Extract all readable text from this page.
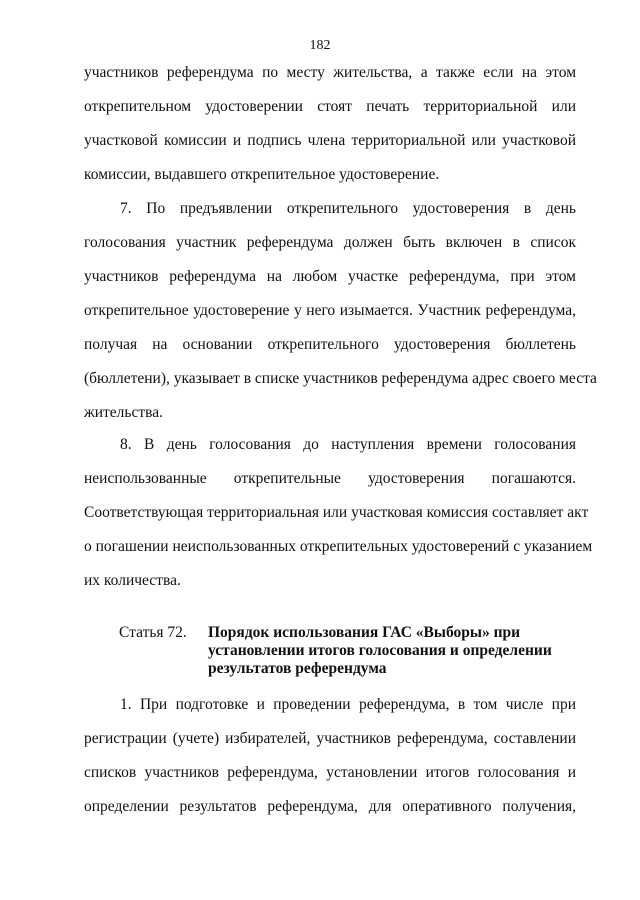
182
участников референдума по месту жительства, а также если на этом
открепительном удостоверении стоят печать территориальной или
участковой комиссии и подпись члена территориальной или участковой
комиссии, выдавшего открепительное удостоверение.
7. По предъявлении открепительного удостоверения в день
голосования участник референдума должен быть включен в список
участников референдума на любом участке референдума, при этом
открепительное удостоверение у него изымается. Участник референдума,
получая на основании открепительного удостоверения бюллетень
(бюллетени), указывает в списке участников референдума адрес своего места
жительства.
8. В день голосования до наступления времени голосования
неиспользованные открепительные удостоверения погашаются.
Соответствующая территориальная или участковая комиссия составляет акт
о погашении неиспользованных открепительных удостоверений с указанием
их количества.
Статья 72. Порядок использования ГАС «Выборы» при
установлении итогов голосования и определении
результатов референдума
1. При подготовке и проведении референдума, в том числе при
регистрации (учете) избирателей, участников референдума, составлении
списков участников референдума, установлении итогов голосования и
определении результатов референдума, для оперативного получения,
